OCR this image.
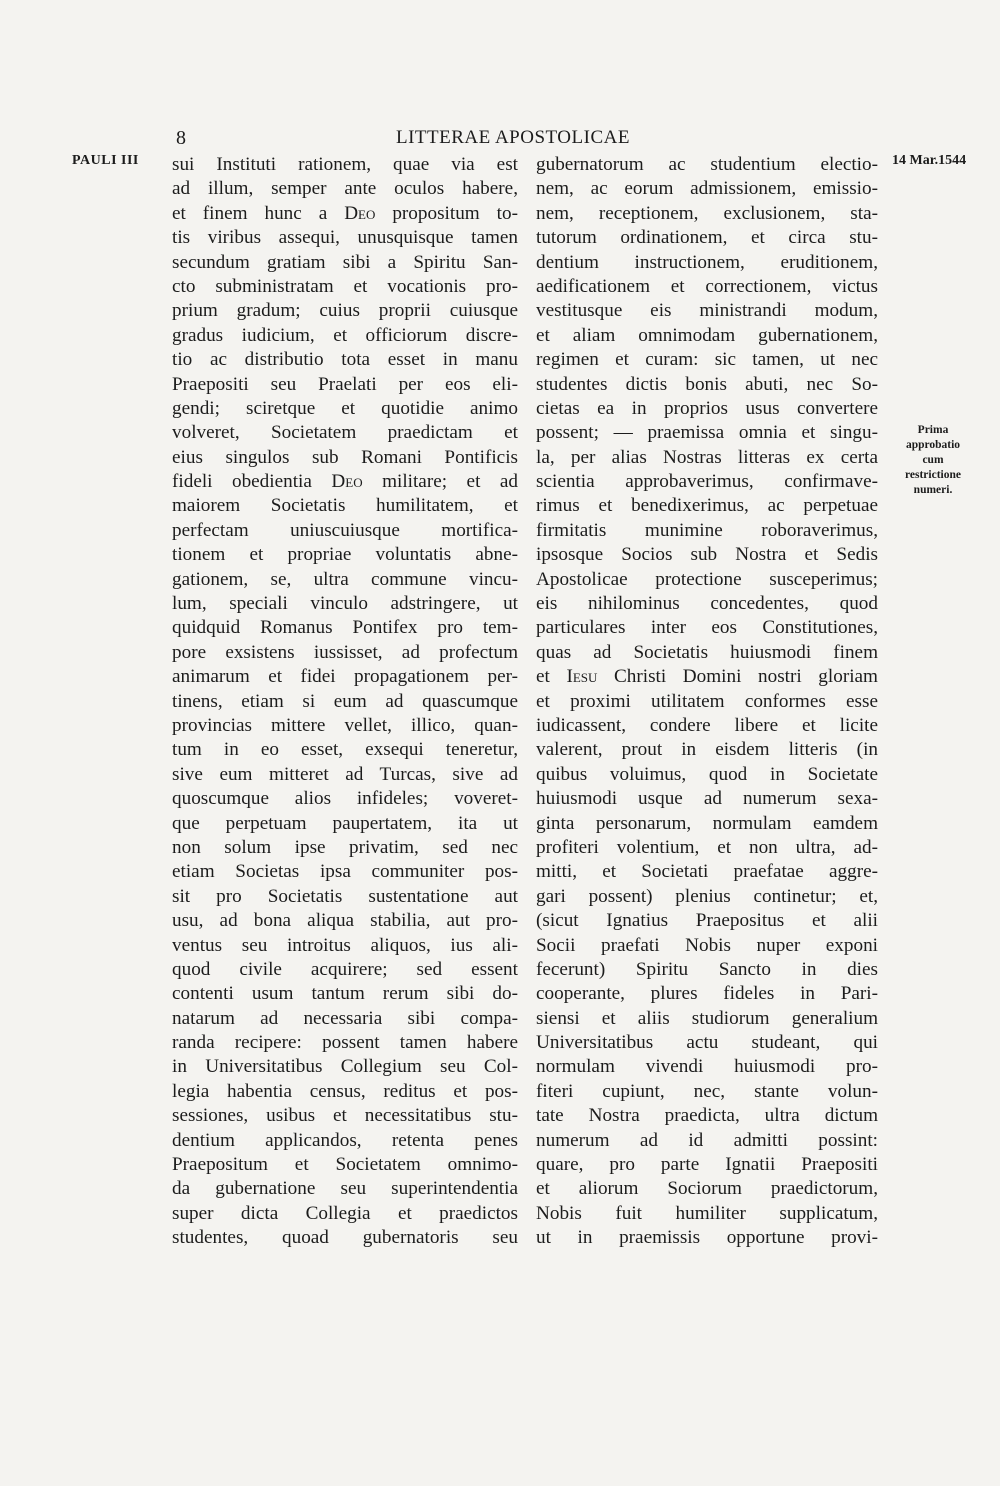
8	LITTERAE APOSTOLICAE
PAULI III	14 Mar.1544
Prima
approbatio
cum
restrictione
numeri.
sui Instituti rationem, quae via est
ad illum, semper ante oculos habere,
et finem hunc a Deo propositum to-
tis viribus assequi, unusquisque tamen
secundum gratiam sibi a Spiritu San-
cto subministratam et vocationis pro-
prium gradum; cuius proprii cuiusque
gradus iudicium, et officiorum discre-
tio ac distributio tota esset in manu
Praepositi seu Praelati per eos eli-
gendi; sciretque et quotidie animo
volveret, Societatem praedictam et
eius singulos sub Romani Pontificis
fideli obedientia Deo militare; et ad
maiorem Societatis humilitatem, et
perfectam uniuscuiusque mortifica-
tionem et propriae voluntatis abne-
gationem, se, ultra commune vincu-
lum, speciali vinculo adstringere, ut
quidquid Romanus Pontifex pro tem-
pore exsistens iussisset, ad profectum
animarum et fidei propagationem per-
tinens, etiam si eum ad quascumque
provincias mittere vellet, illico, quan-
tum in eo esset, exsequi teneretur,
sive eum mitteret ad Turcas, sive ad
quoscumque alios infideles; voveret-
que perpetuam paupertatem, ita ut
non solum ipse privatim, sed nec
etiam Societas ipsa communiter pos-
sit pro Societatis sustentatione aut
usu, ad bona aliqua stabilia, aut pro-
ventus seu introitus aliquos, ius ali-
quod civile acquirere; sed essent
contenti usum tantum rerum sibi do-
natarum ad necessaria sibi compa-
randa recipere: possent tamen habere
in Universitatibus Collegium seu Col-
legia habentia census, reditus et pos-
sessiones, usibus et necessitatibus stu-
dentium applicandos, retenta penes
Praepositum et Societatem omnimo-
da gubernatione seu superintendentia
super dicta Collegia et praedictos
studentes, quoad gubernatoris seu
gubernatorum ac studentium electio-
nem, ac eorum admissionem, emissio-
nem, receptionem, exclusionem, sta-
tutorum ordinationem, et circa stu-
dentium instructionem, eruditionem,
aedificationem et correctionem, victus
vestitusque eis ministrandi modum,
et aliam omnimodam gubernationem,
regimen et curam: sic tamen, ut nec
studentes dictis bonis abuti, nec So-
cietas ea in proprios usus convertere
possent; — praemissa omnia et singu-
la, per alias Nostras litteras ex certa
scientia approbaverimus, confirmave-
rimus et benedixerimus, ac perpetuae
firmitatis munimine roboraverimus,
ipsosque Socios sub Nostra et Sedis
Apostolicae protectione susceperimus;
eis nihilominus concedentes, quod
particulares inter eos Constitutiones,
quas ad Societatis huiusmodi finem
et Iesu Christi Domini nostri gloriam
et proximi utilitatem conformes esse
iudicassent, condere libere et licite
valerent, prout in eisdem litteris (in
quibus voluimus, quod in Societate
huiusmodi usque ad numerum sexa-
ginta personarum, normulam eamdem
profiteri volentium, et non ultra, ad-
mitti, et Societati praefatae aggre-
gari possent) plenius continetur; et,
(sicut Ignatius Praepositus et alii
Socii praefati Nobis nuper exponi
fecerunt) Spiritu Sancto in dies
cooperante, plures fideles in Pari-
siensi et aliis studiorum generalium
Universitatibus actu studeant, qui
normulam vivendi huiusmodi pro-
fiteri cupiunt, nec, stante volun-
tate Nostra praedicta, ultra dictum
numerum ad id admitti possint:
quare, pro parte Ignatii Praepositi
et aliorum Sociorum praedictorum,
Nobis fuit humiliter supplicatum,
ut in praemissis opportune provi-
